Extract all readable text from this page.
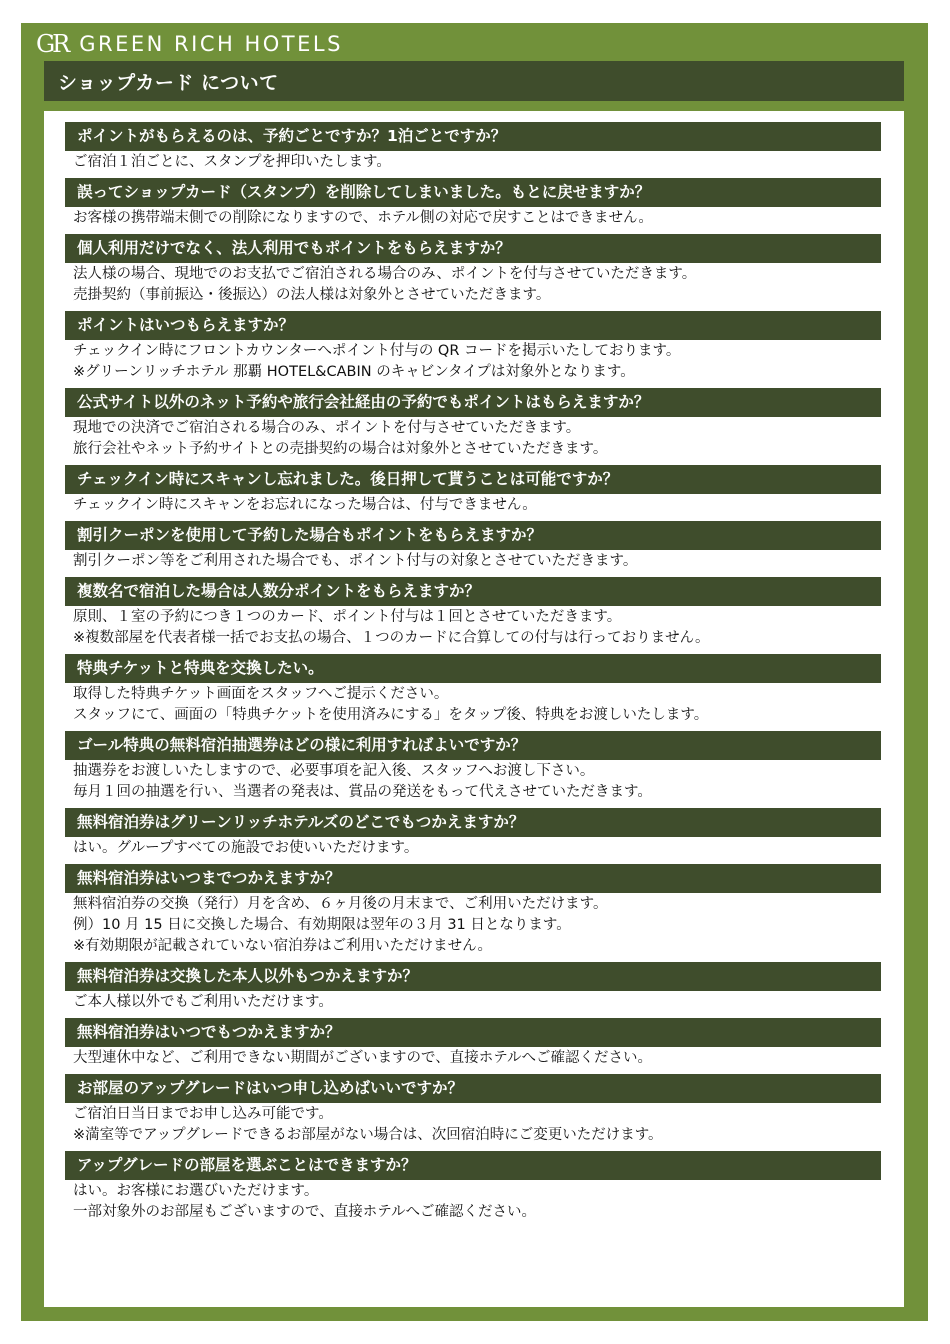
GR GREEN RICH HOTELS
ショップカード について
ポイントがもらえるのは、予約ごとですか？1泊ごとですか？
ご宿泊１泊ごとに、スタンプを押印いたします。
誤ってショップカード（スタンプ）を削除してしまいました。もとに戻せますか？
お客様の携帯端末側での削除になりますので、ホテル側の対応で戻すことはできません。
個人利用だけでなく、法人利用でもポイントをもらえますか？
法人様の場合、現地でのお支払でご宿泊される場合のみ、ポイントを付与させていただきます。
売掛契約（事前振込・後振込）の法人様は対象外とさせていただきます。
ポイントはいつもらえますか？
チェックイン時にフロントカウンターへポイント付与の QR コードを掲示いたしております。
※グリーンリッチホテル 那覇 HOTEL&CABIN のキャビンタイプは対象外となります。
公式サイト以外のネット予約や旅行会社経由の予約でもポイントはもらえますか？
現地での決済でご宿泊される場合のみ、ポイントを付与させていただきます。
旅行会社やネット予約サイトとの売掛契約の場合は対象外とさせていただきます。
チェックイン時にスキャンし忘れました。後日押して貰うことは可能ですか？
チェックイン時にスキャンをお忘れになった場合は、付与できません。
割引クーポンを使用して予約した場合もポイントをもらえますか？
割引クーポン等をご利用された場合でも、ポイント付与の対象とさせていただきます。
複数名で宿泊した場合は人数分ポイントをもらえますか？
原則、１室の予約につき１つのカード、ポイント付与は１回とさせていただきます。
※複数部屋を代表者様一括でお支払の場合、１つのカードに合算しての付与は行っておりません。
特典チケットと特典を交換したい。
取得した特典チケット画面をスタッフへご提示ください。
スタッフにて、画面の「特典チケットを使用済みにする」をタップ後、特典をお渡しいたします。
ゴール特典の無料宿泊抽選券はどの様に利用すればよいですか？
抽選券をお渡しいたしますので、必要事項を記入後、スタッフへお渡し下さい。
毎月１回の抽選を行い、当選者の発表は、賞品の発送をもって代えさせていただきます。
無料宿泊券はグリーンリッチホテルズのどこでもつかえますか？
はい。グループすべての施設でお使いいただけます。
無料宿泊券はいつまでつかえますか？
無料宿泊券の交換（発行）月を含め、６ヶ月後の月末まで、ご利用いただけます。
例）10 月 15 日に交換した場合、有効期限は翌年の３月 31 日となります。
※有効期限が記載されていない宿泊券はご利用いただけません。
無料宿泊券は交換した本人以外もつかえますか？
ご本人様以外でもご利用いただけます。
無料宿泊券はいつでもつかえますか？
大型連休中など、ご利用できない期間がございますので、直接ホテルへご確認ください。
お部屋のアップグレードはいつ申し込めばいいですか？
ご宿泊日当日までお申し込み可能です。
※満室等でアップグレードできるお部屋がない場合は、次回宿泊時にご変更いただけます。
アップグレードの部屋を選ぶことはできますか？
はい。お客様にお選びいただけます。
一部対象外のお部屋もございますので、直接ホテルへご確認ください。
